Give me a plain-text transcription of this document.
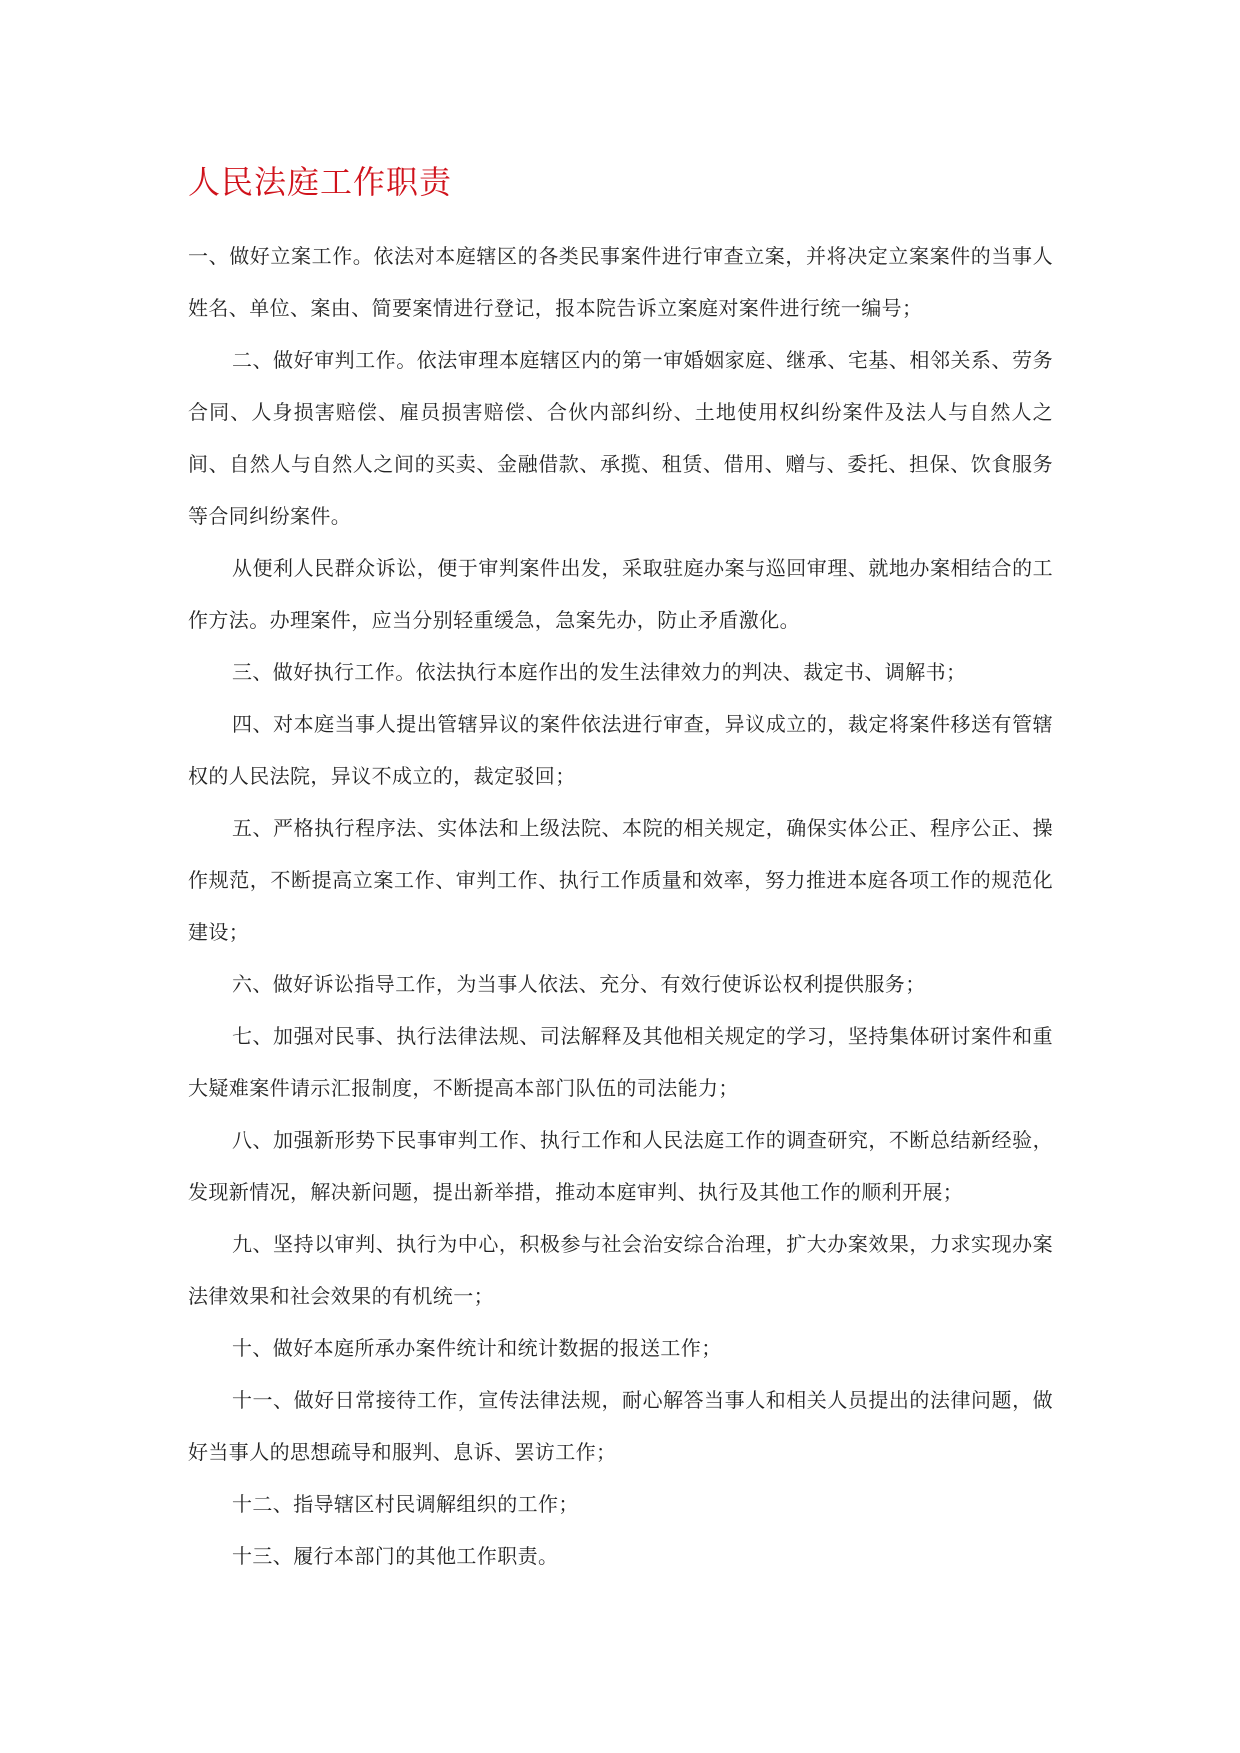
人民法庭工作职责

一、做好立案工作。依法对本庭辖区的各类民事案件进行审查立案，并将决定立案案件的当事人姓名、单位、案由、简要案情进行登记，报本院告诉立案庭对案件进行统一编号；

二、做好审判工作。依法审理本庭辖区内的第一审婚姻家庭、继承、宅基、相邻关系、劳务合同、人身损害赔偿、雇员损害赔偿、合伙内部纠纷、土地使用权纠纷案件及法人与自然人之间、自然人与自然人之间的买卖、金融借款、承揽、租赁、借用、赠与、委托、担保、饮食服务等合同纠纷案件。

从便利人民群众诉讼，便于审判案件出发，采取驻庭办案与巡回审理、就地办案相结合的工作方法。办理案件，应当分别轻重缓急，急案先办，防止矛盾激化。

三、做好执行工作。依法执行本庭作出的发生法律效力的判决、裁定书、调解书；

四、对本庭当事人提出管辖异议的案件依法进行审查，异议成立的，裁定将案件移送有管辖权的人民法院，异议不成立的，裁定驳回；

五、严格执行程序法、实体法和上级法院、本院的相关规定，确保实体公正、程序公正、操作规范，不断提高立案工作、审判工作、执行工作质量和效率，努力推进本庭各项工作的规范化建设；

六、做好诉讼指导工作，为当事人依法、充分、有效行使诉讼权利提供服务；

七、加强对民事、执行法律法规、司法解释及其他相关规定的学习，坚持集体研讨案件和重大疑难案件请示汇报制度，不断提高本部门队伍的司法能力；

八、加强新形势下民事审判工作、执行工作和人民法庭工作的调查研究，不断总结新经验，发现新情况，解决新问题，提出新举措，推动本庭审判、执行及其他工作的顺利开展；

九、坚持以审判、执行为中心，积极参与社会治安综合治理，扩大办案效果，力求实现办案法律效果和社会效果的有机统一；

十、做好本庭所承办案件统计和统计数据的报送工作；

十一、做好日常接待工作，宣传法律法规，耐心解答当事人和相关人员提出的法律问题，做好当事人的思想疏导和服判、息诉、罢访工作；

十二、指导辖区村民调解组织的工作；

十三、履行本部门的其他工作职责。
